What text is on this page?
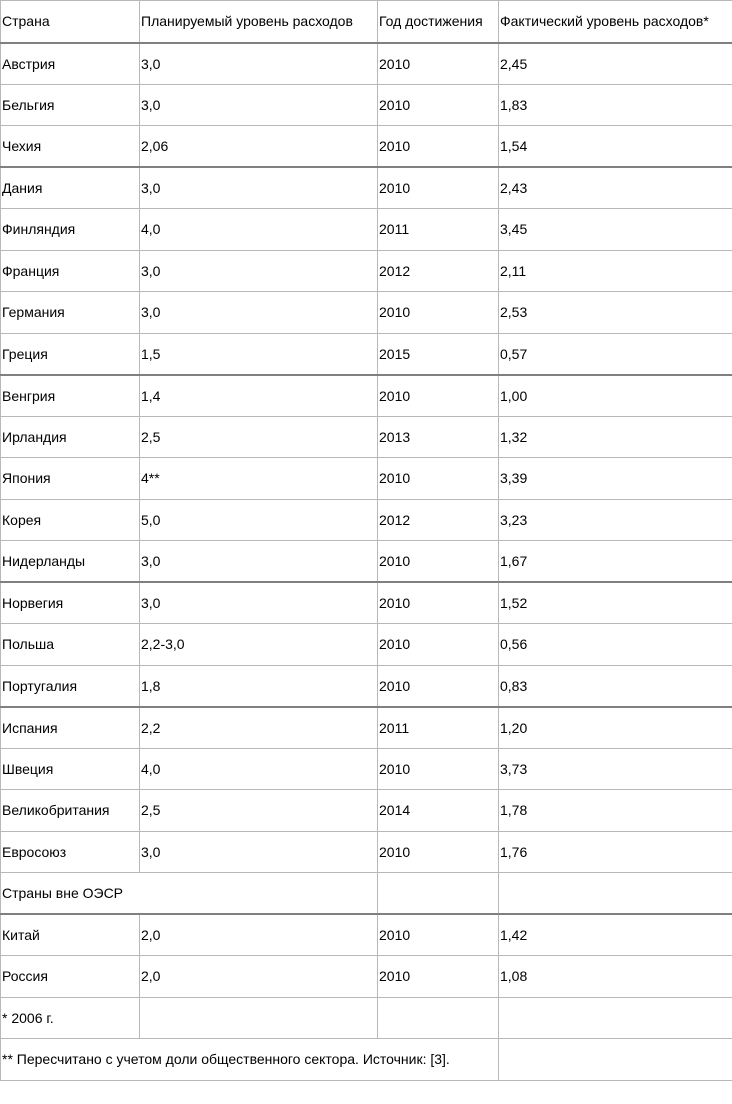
Страна	Планируемый уровень расходов	Год достижения	Фактический уровень расходов*
Австрия	3,0	2010	2,45
Бельгия	3,0	2010	1,83
Чехия	2,06	2010	1,54
Дания	3,0	2010	2,43
Финляндия	4,0	2011	3,45
Франция	3,0	2012	2,11
Германия	3,0	2010	2,53
Греция	1,5	2015	0,57
Венгрия	1,4	2010	1,00
Ирландия	2,5	2013	1,32
Япония	4**	2010	3,39
Корея	5,0	2012	3,23
Нидерланды	3,0	2010	1,67
Норвегия	3,0	2010	1,52
Польша	2,2-3,0	2010	0,56
Португалия	1,8	2010	0,83
Испания	2,2	2011	1,20
Швеция	4,0	2010	3,73
Великобритания	2,5	2014	1,78
Евросоюз	3,0	2010	1,76
Страны вне ОЭСР			
Китай	2,0	2010	1,42
Россия	2,0	2010	1,08
* 2006 г.			
** Пересчитано с учетом доли общественного сектора. Источник: [3].			
